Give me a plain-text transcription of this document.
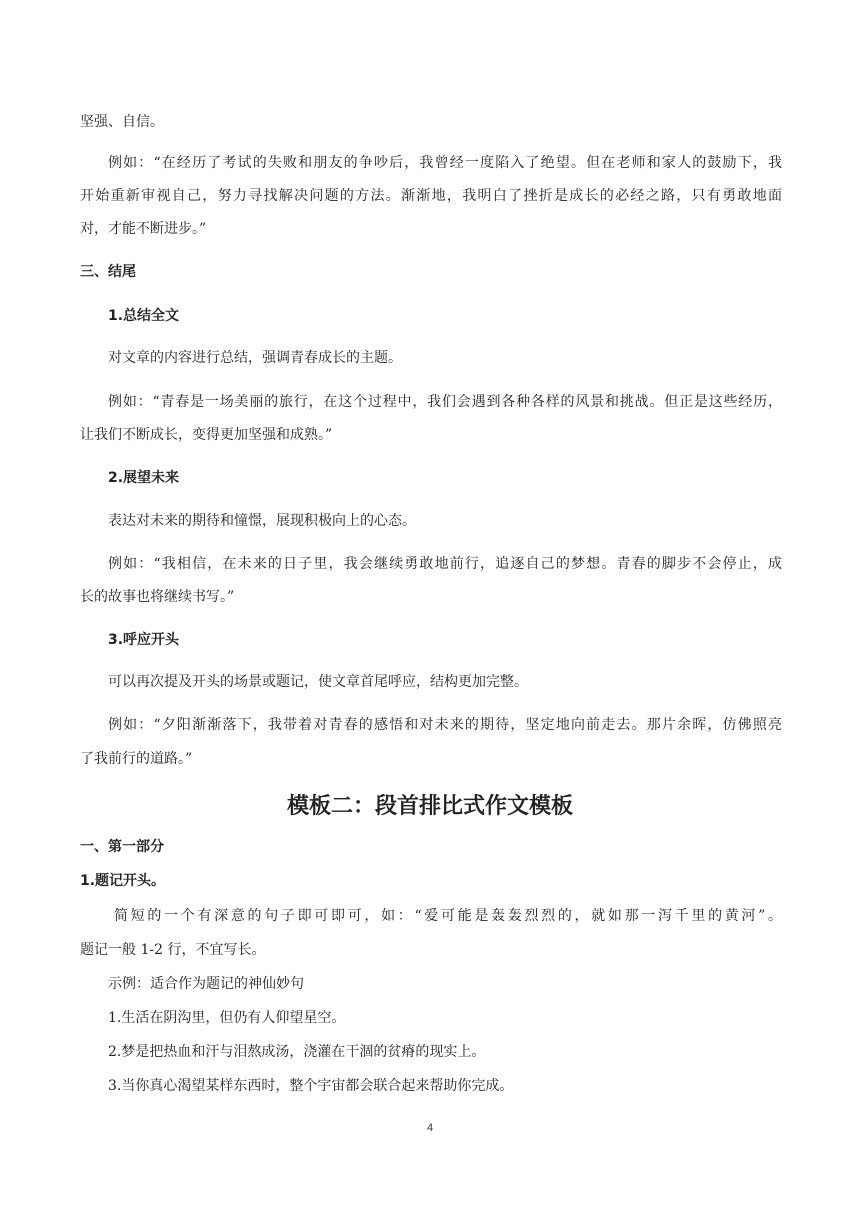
坚强、自信。
例如：“在经历了考试的失败和朋友的争吵后，我曾经一度陷入了绝望。但在老师和家人的鼓励下，我
开始重新审视自己，努力寻找解决问题的方法。渐渐地，我明白了挫折是成长的必经之路，只有勇敢地面
对，才能不断进步。”
三、结尾
1.总结全文
对文章的内容进行总结，强调青春成长的主题。
例如：“青春是一场美丽的旅行，在这个过程中，我们会遇到各种各样的风景和挑战。但正是这些经历，
让我们不断成长，变得更加坚强和成熟。”
2.展望未来
表达对未来的期待和憧憬，展现积极向上的心态。
例如：“我相信，在未来的日子里，我会继续勇敢地前行，追逐自己的梦想。青春的脚步不会停止，成
长的故事也将继续书写。”
3.呼应开头
可以再次提及开头的场景或题记，使文章首尾呼应，结构更加完整。
例如：“夕阳渐渐落下，我带着对青春的感悟和对未来的期待，坚定地向前走去。那片余晖，仿佛照亮
了我前行的道路。”
模板二：段首排比式作文模板
一、第一部分
1.题记开头。
简短的一个有深意的句子即可即可，如：“爱可能是轰轰烈烈的，就如那一泻千里的黄河”。
题记一般 1-2 行，不宜写长。
示例：适合作为题记的神仙妙句
1.生活在阴沟里，但仍有人仰望星空。
2.梦是把热血和汗与泪熬成汤，浇灌在干涸的贫瘠的现实上。
3.当你真心渴望某样东西时，整个宇宙都会联合起来帮助你完成。
4
